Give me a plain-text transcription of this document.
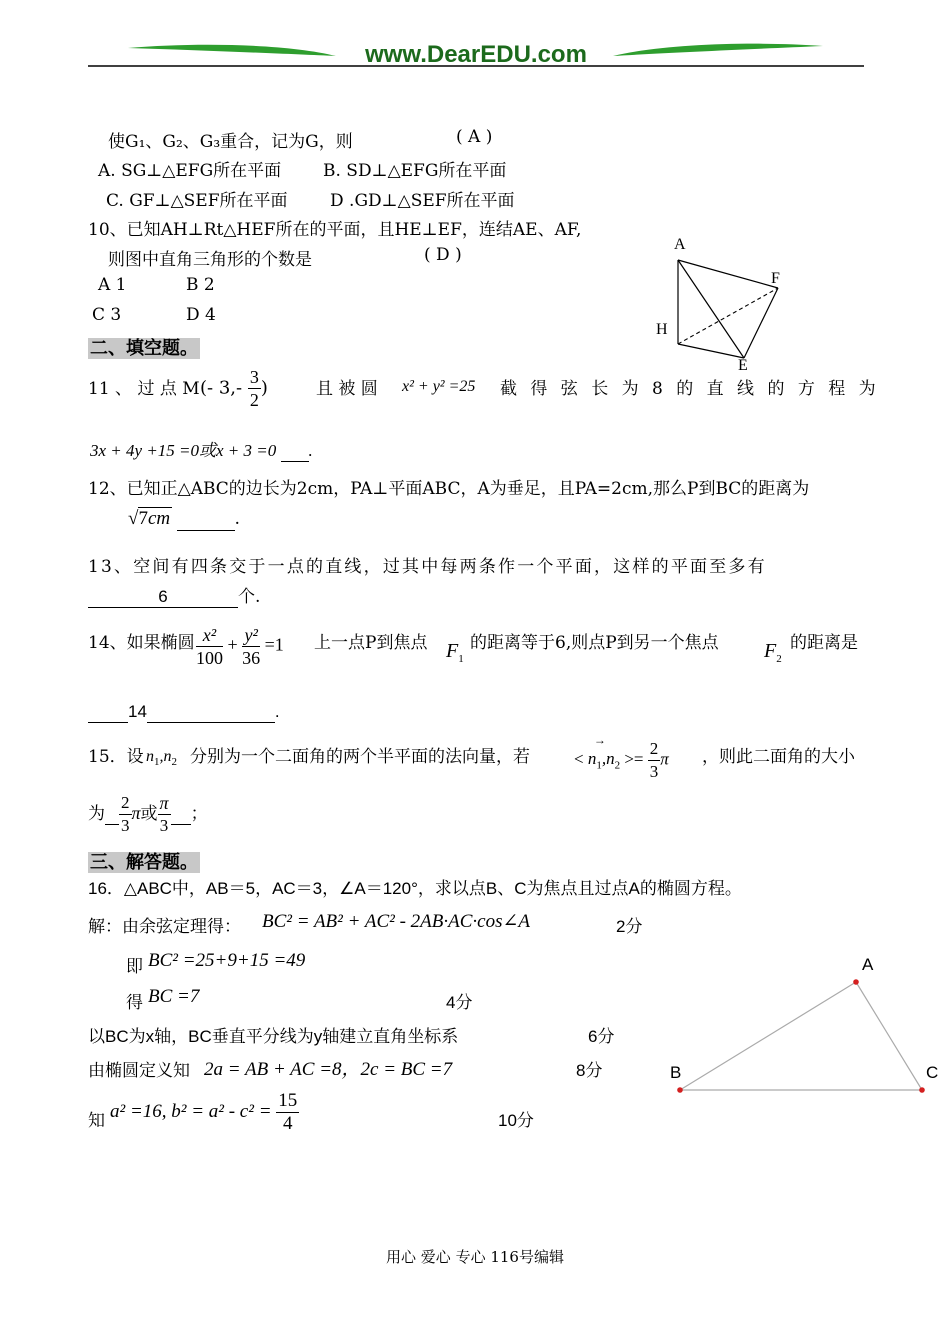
www.DearEDU.com
使G₁、G₂、G₃重合，记为G，则	( A )
A. SG⊥△EFG所在平面 B. SD⊥△EFG所在平面
C. GF⊥△SEF所在平面	D .GD⊥△SEF所在平面
10、已知AH⊥Rt△HEF所在的平面，且HE⊥EF，连结AE、AF,
则图中直角三角形的个数是	( D )
A 1	B 2
C 3	D 4
A
F
H
E
二、填空题。
11 、 过 点 M (- $3,- \frac{3}{2}$ )	且 被 圆 x² + y² =25 截 得 弦 长 为 8 的 直 线 的 方 程 为
3x + 4y +15 =0或x + 3 =0 .
12、已知正△ABC的边长为2cm，PA⊥平面ABC，A为垂足，且PA=2cm,那么P到BC的距离为
√7cm	.
13、空间有四条交于一点的直线，过其中每两条作一个平面，这样的平面至多有
6	个.
14、如果椭圆 $\frac{\text{x²}}{100} + \frac{\text{y²}}{36} =1$ 上一点P到焦点 $F_1$
的距离等于6,则点P到另一个焦点 $F_2$
的距离是
14	.
15．设 $n_1,n_2$ 分别为一个二面角的两个半平面的法向量，若	<
→
$n_1,n_2 >= \frac{2}{3}$ π ，则此二面角的大小
为 $\frac{2}{3}$ π或 $\frac{\pi}{3}$ ；
三、解答题。
16．△ABC中，AB＝5，AC＝3，∠A＝120°，求以点B、C为焦点且过点A的椭圆方程。
解：由余弦定理得： BC² = AB² + AC² - 2AB·AC·cos∠A	2分
即 BC² =25+9+15 =49
得 BC =7	4分
以BC为x轴，BC垂直平分线为y轴建立直角坐标系	6分
由椭圆定义知 2a = AB + AC =8，2c = BC =7	8分
知 a² =16, $b^2 = a^2 - c^2 = \frac{15}{4}$	10分
A
B	C
用心 爱心 专心 116号编辑
